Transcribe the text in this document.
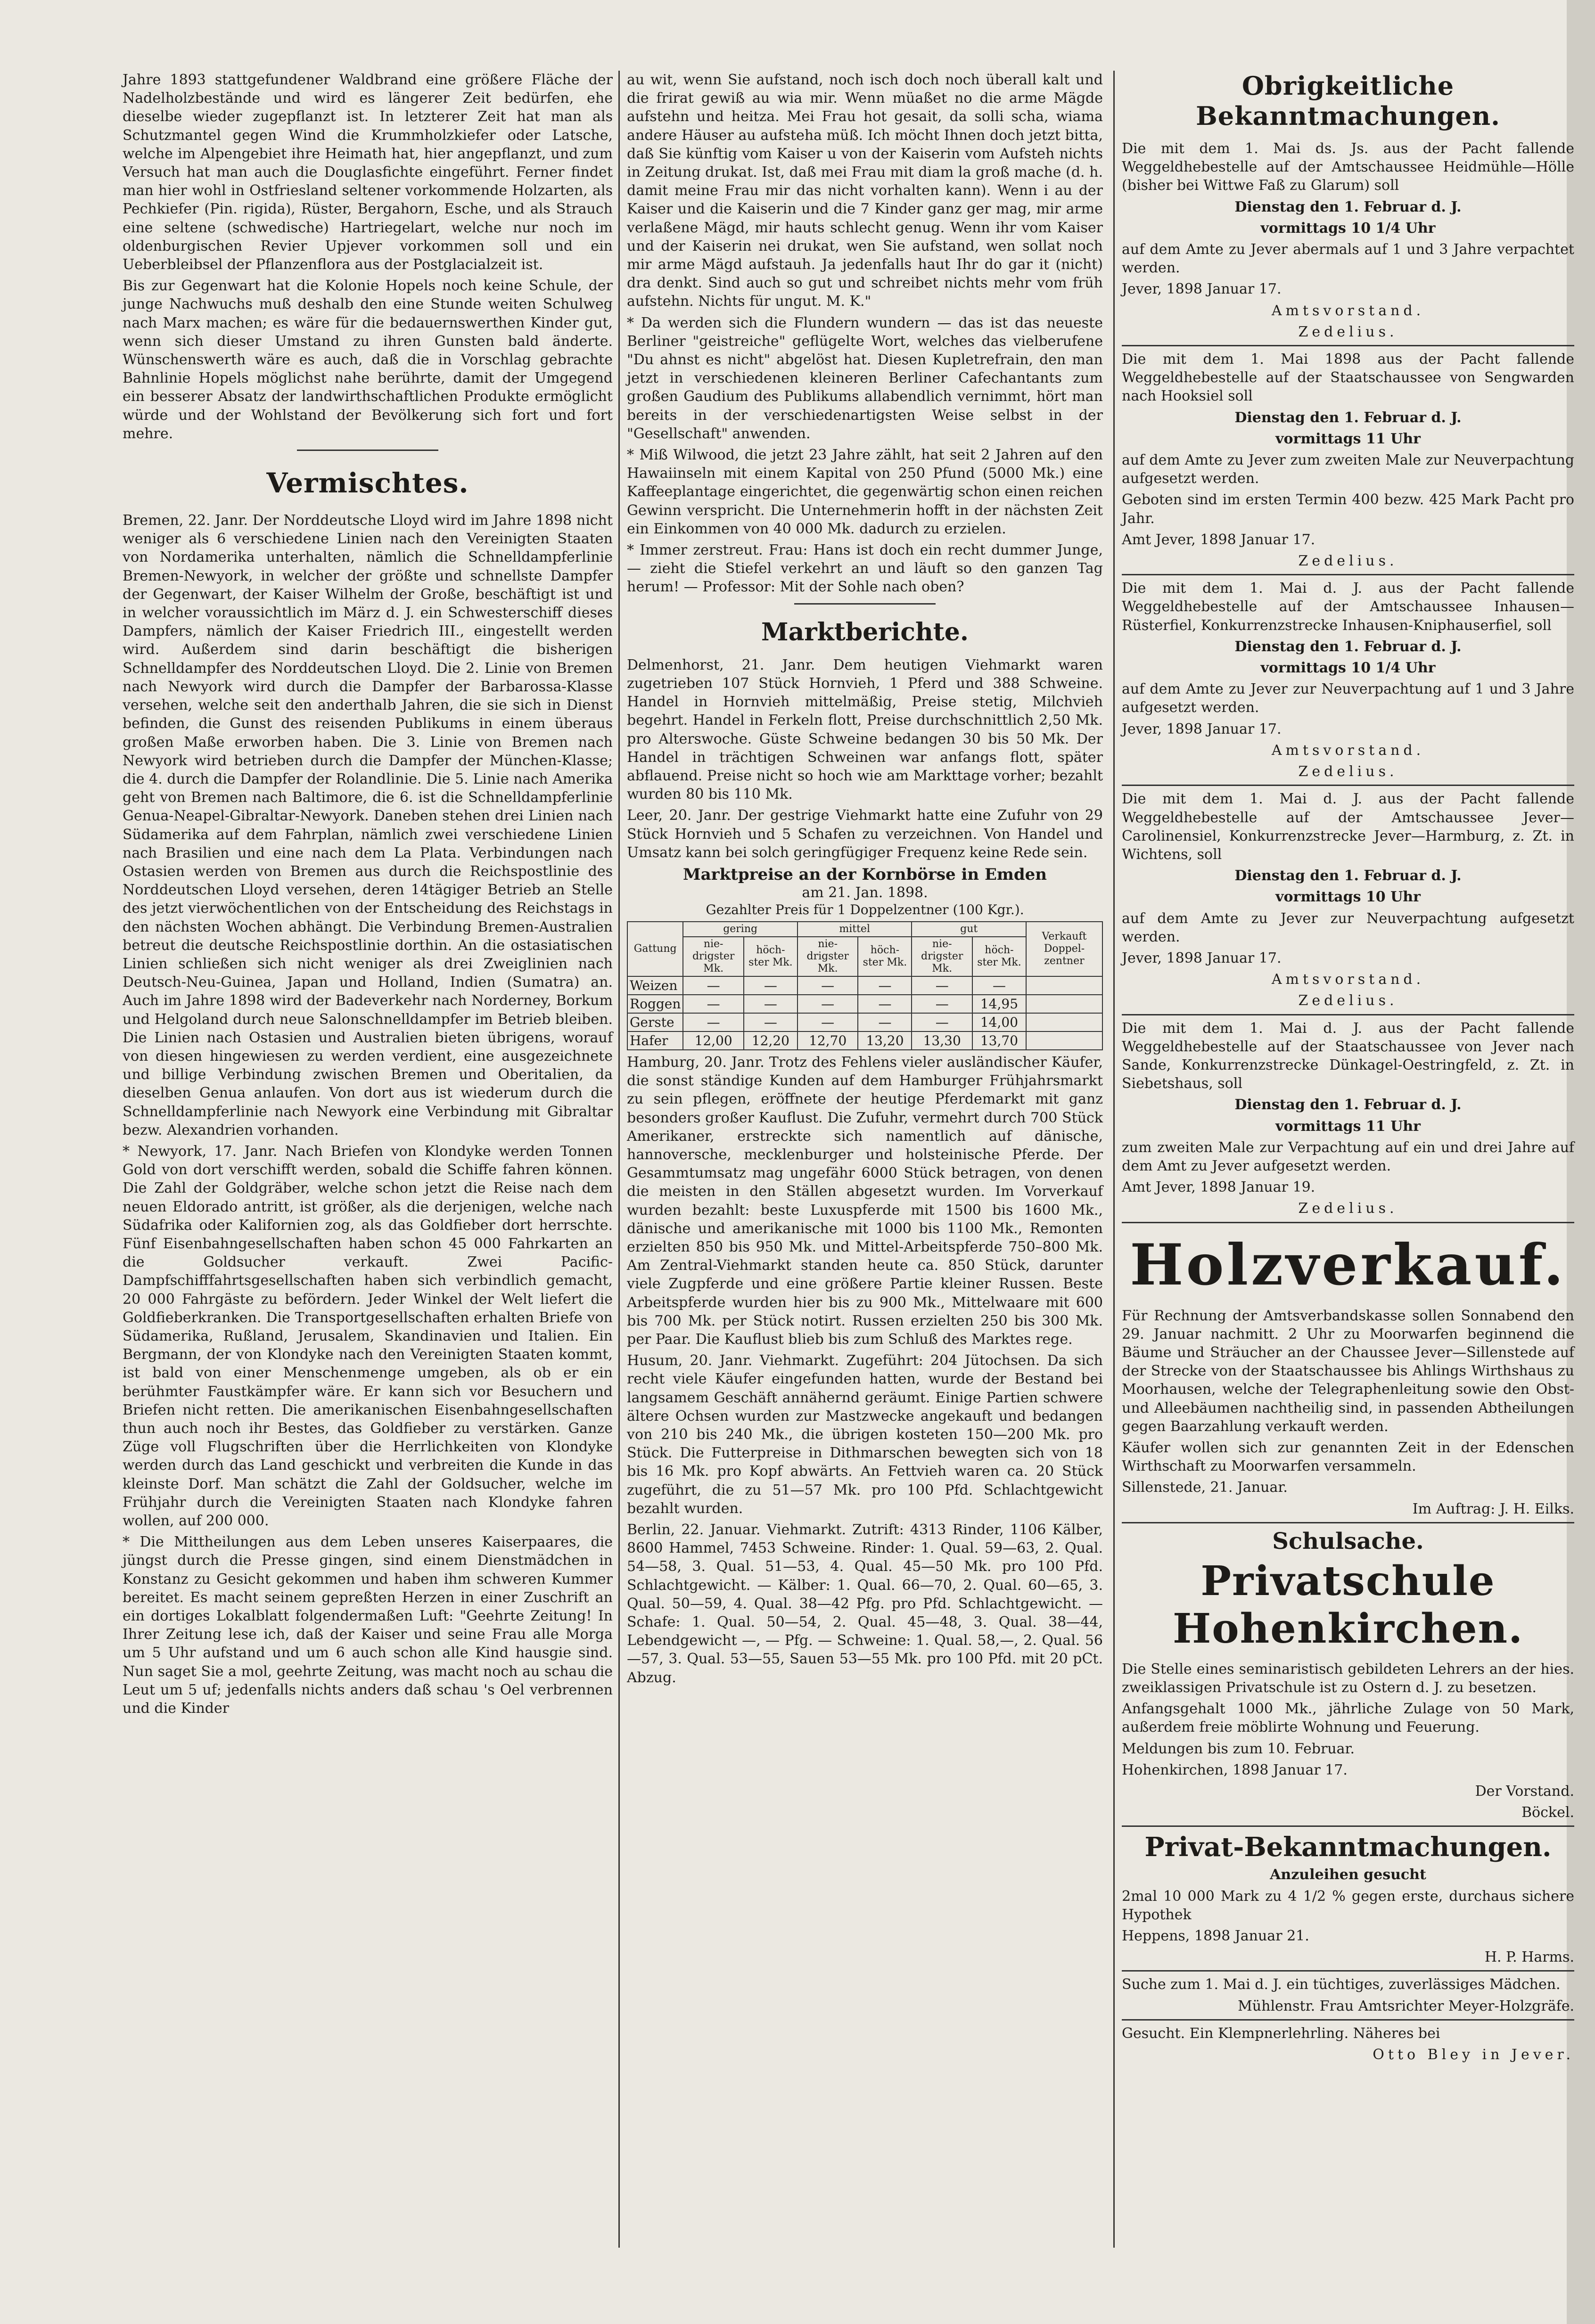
Jahre 1893 stattgefundener Waldbrand eine größere Fläche der Nadelholzbestände und wird es längerer Zeit bedürfen, ehe dieselbe wieder zugepflanzt ist. In letzterer Zeit hat man als Schutzmantel gegen Wind die Krummholzkiefer oder Latsche, welche im Alpengebiet ihre Heimath hat, hier angepflanzt, und zum Versuch hat man auch die Douglasfichte eingeführt. Ferner findet man hier wohl in Ostfriesland seltener vorkommende Holzarten, als Pechkiefer (Pin. rigida), Rüster, Bergahorn, Esche, und als Strauch eine seltene (schwedische) Hartriegelart, welche nur noch im oldenburgischen Revier Upjever vorkommen soll und ein Ueberbleibsel der Pflanzenflora aus der Postglacialzeit ist.

Bis zur Gegenwart hat die Kolonie Hopels noch keine Schule, der junge Nachwuchs muß deshalb den eine Stunde weiten Schulweg nach Marx machen; es wäre für die bedauernswerthen Kinder gut, wenn sich dieser Umstand zu ihren Gunsten bald änderte. Wünschenswerth wäre es auch, daß die in Vorschlag gebrachte Bahnlinie Hopels möglichst nahe berührte, damit der Umgegend ein besserer Absatz der landwirthschaftlichen Produkte ermöglicht würde und der Wohlstand der Bevölkerung sich fort und fort mehre.

Vermischtes.

Bremen, 22. Janr. Der Norddeutsche Lloyd wird im Jahre 1898 nicht weniger als 6 verschiedene Linien nach den Vereinigten Staaten von Nordamerika unterhalten, nämlich die Schnelldampferlinie Bremen-Newyork, in welcher der größte und schnellste Dampfer der Gegenwart, der Kaiser Wilhelm der Große, beschäftigt ist und in welcher voraussichtlich im März d. J. ein Schwesterschiff dieses Dampfers, nämlich der Kaiser Friedrich III., eingestellt werden wird. Außerdem sind darin beschäftigt die bisherigen Schnelldampfer des Norddeutschen Lloyd. Die 2. Linie von Bremen nach Newyork wird durch die Dampfer der Barbarossa-Klasse versehen, welche seit den anderthalb Jahren, die sie sich in Dienst befinden, die Gunst des reisenden Publikums in einem überaus großen Maße erworben haben. Die 3. Linie von Bremen nach Newyork wird betrieben durch die Dampfer der München-Klasse; die 4. durch die Dampfer der Rolandlinie. Die 5. Linie nach Amerika geht von Bremen nach Baltimore, die 6. ist die Schnelldampferlinie Genua-Neapel-Gibraltar-Newyork. Daneben stehen drei Linien nach Südamerika auf dem Fahrplan, nämlich zwei verschiedene Linien nach Brasilien und eine nach dem La Plata. Verbindungen nach Ostasien werden von Bremen aus durch die Reichspostlinie des Norddeutschen Lloyd versehen, deren 14tägiger Betrieb an Stelle des jetzt vierwöchentlichen von der Entscheidung des Reichstags in den nächsten Wochen abhängt. Die Verbindung Bremen-Australien betreut die deutsche Reichspostlinie dorthin. An die ostasiatischen Linien schließen sich nicht weniger als drei Zweiglinien nach Deutsch-Neu-Guinea, Japan und Holland, Indien (Sumatra) an. Auch im Jahre 1898 wird der Badeverkehr nach Norderney, Borkum und Helgoland durch neue Salonschnelldampfer im Betrieb bleiben. Die Linien nach Ostasien und Australien bieten übrigens, worauf von diesen hingewiesen zu werden verdient, eine ausgezeichnete und billige Verbindung zwischen Bremen und Oberitalien, da dieselben Genua anlaufen. Von dort aus ist wiederum durch die Schnelldampferlinie nach Newyork eine Verbindung mit Gibraltar bezw. Alexandrien vorhanden.

* Newyork, 17. Janr. Nach Briefen von Klondyke werden Tonnen Gold von dort verschifft werden, sobald die Schiffe fahren können. Die Zahl der Goldgräber, welche schon jetzt die Reise nach dem neuen Eldorado antritt, ist größer, als die derjenigen, welche nach Südafrika oder Kalifornien zog, als das Goldfieber dort herrschte. Fünf Eisenbahngesellschaften haben schon 45 000 Fahrkarten an die Goldsucher verkauft. Zwei Pacific-Dampfschifffahrtsgesellschaften haben sich verbindlich gemacht, 20 000 Fahrgäste zu befördern. Jeder Winkel der Welt liefert die Goldfieberkranken. Die Transportgesellschaften erhalten Briefe von Südamerika, Rußland, Jerusalem, Skandinavien und Italien. Ein Bergmann, der von Klondyke nach den Vereinigten Staaten kommt, ist bald von einer Menschenmenge umgeben, als ob er ein berühmter Faustkämpfer wäre. Er kann sich vor Besuchern und Briefen nicht retten. Die amerikanischen Eisenbahngesellschaften thun auch noch ihr Bestes, das Goldfieber zu verstärken. Ganze Züge voll Flugschriften über die Herrlichkeiten von Klondyke werden durch das Land geschickt und verbreiten die Kunde in das kleinste Dorf. Man schätzt die Zahl der Goldsucher, welche im Frühjahr durch die Vereinigten Staaten nach Klondyke fahren wollen, auf 200 000.

* Die Mittheilungen aus dem Leben unseres Kaiserpaares, die jüngst durch die Presse gingen, sind einem Dienstmädchen in Konstanz zu Gesicht gekommen und haben ihm schweren Kummer bereitet. Es macht seinem gepreßten Herzen in einer Zuschrift an ein dortiges Lokalblatt folgendermaßen Luft: "Geehrte Zeitung! In Ihrer Zeitung lese ich, daß der Kaiser und seine Frau alle Morga um 5 Uhr aufstand und um 6 auch schon alle Kind hausgie sind. Nun saget Sie a mol, geehrte Zeitung, was macht noch au schau die Leut um 5 uf; jedenfalls nichts anders daß schau 's Oel verbrennen und die Kinder

au wit, wenn Sie aufstand, noch isch doch noch überall kalt und die frirat gewiß au wia mir. Wenn müaßet no die arme Mägde aufstehn und heitza. Mei Frau hot gesait, da solli scha, wiama andere Häuser au aufsteha müß. Ich möcht Ihnen doch jetzt bitta, daß Sie künftig vom Kaiser u von der Kaiserin vom Aufsteh nichts in Zeitung drukat. Ist, daß mei Frau mit diam la groß mache (d. h. damit meine Frau mir das nicht vorhalten kann). Wenn i au der Kaiser und die Kaiserin und die 7 Kinder ganz ger mag, mir arme verlaßene Mägd, mir hauts schlecht genug. Wenn ihr vom Kaiser und der Kaiserin nei drukat, wen Sie aufstand, wen sollat noch mir arme Mägd aufstauh. Ja jedenfalls haut Ihr do gar it (nicht) dra denkt. Sind auch so gut und schreibet nichts mehr vom früh aufstehn. Nichts für ungut. M. K."

* Da werden sich die Flundern wundern — das ist das neueste Berliner "geistreiche" geflügelte Wort, welches das vielberufene "Du ahnst es nicht" abgelöst hat. Diesen Kupletrefrain, den man jetzt in verschiedenen kleineren Berliner Cafechantants zum großen Gaudium des Publikums allabendlich vernimmt, hört man bereits in der verschiedenartigsten Weise selbst in der "Gesellschaft" anwenden.

* Miß Wilwood, die jetzt 23 Jahre zählt, hat seit 2 Jahren auf den Hawaiinseln mit einem Kapital von 250 Pfund (5000 Mk.) eine Kaffeeplantage eingerichtet, die gegenwärtig schon einen reichen Gewinn verspricht. Die Unternehmerin hofft in der nächsten Zeit ein Einkommen von 40 000 Mk. dadurch zu erzielen.

* Immer zerstreut. Frau: Hans ist doch ein recht dummer Junge, — zieht die Stiefel verkehrt an und läuft so den ganzen Tag herum! — Professor: Mit der Sohle nach oben?

Marktberichte.

Delmenhorst, 21. Janr. Dem heutigen Viehmarkt waren zugetrieben 107 Stück Hornvieh, 1 Pferd und 388 Schweine. Handel in Hornvieh mittelmäßig, Preise stetig, Milchvieh begehrt. Handel in Ferkeln flott, Preise durchschnittlich 2,50 Mk. pro Alterswoche. Güste Schweine bedangen 30 bis 50 Mk. Der Handel in trächtigen Schweinen war anfangs flott, später abflauend. Preise nicht so hoch wie am Markttage vorher; bezahlt wurden 80 bis 110 Mk.

Leer, 20. Janr. Der gestrige Viehmarkt hatte eine Zufuhr von 29 Stück Hornvieh und 5 Schafen zu verzeichnen. Von Handel und Umsatz kann bei solch geringfügiger Frequenz keine Rede sein.

Marktpreise an der Kornbörse in Emden
am 21. Jan. 1898.
Gezahlter Preis für 1 Doppelzentner (100 Kgr.).
Gattung	gering		mittel		gut		Verkauft Doppel-zentner
	nie-drigster Mk.	höch-ster Mk.	nie-drigster Mk.	höch-ster Mk.	nie-drigster Mk.	höch-ster Mk.	
Weizen	—	—	—	—	—	—	
Roggen	—	—	—	—	—	14,95	
Gerste	—	—	—	—	—	14,00	
Hafer	12,00	12,20	12,70	13,20	13,30	13,70	

Hamburg, 20. Janr. Trotz des Fehlens vieler ausländischer Käufer, die sonst ständige Kunden auf dem Hamburger Frühjahrsmarkt zu sein pflegen, eröffnete der heutige Pferdemarkt mit ganz besonders großer Kauflust. Die Zufuhr, vermehrt durch 700 Stück Amerikaner, erstreckte sich namentlich auf dänische, hannoversche, mecklenburger und holsteinische Pferde. Der Gesammtumsatz mag ungefähr 6000 Stück betragen, von denen die meisten in den Ställen abgesetzt wurden. Im Vorverkauf wurden bezahlt: beste Luxuspferde mit 1500 bis 1600 Mk., dänische und amerikanische mit 1000 bis 1100 Mk., Remonten erzielten 850 bis 950 Mk. und Mittel-Arbeitspferde 750–800 Mk. Am Zentral-Viehmarkt standen heute ca. 850 Stück, darunter viele Zugpferde und eine größere Partie kleiner Russen. Beste Arbeitspferde wurden hier bis zu 900 Mk., Mittelwaare mit 600 bis 700 Mk. per Stück notirt. Russen erzielten 250 bis 300 Mk. per Paar. Die Kauflust blieb bis zum Schluß des Marktes rege.

Husum, 20. Janr. Viehmarkt. Zugeführt: 204 Jütochsen. Da sich recht viele Käufer eingefunden hatten, wurde der Bestand bei langsamem Geschäft annähernd geräumt. Einige Partien schwere ältere Ochsen wurden zur Mastzwecke angekauft und bedangen von 210 bis 240 Mk., die übrigen kosteten 150—200 Mk. pro Stück. Die Futterpreise in Dithmarschen bewegten sich von 18 bis 16 Mk. pro Kopf abwärts. An Fettvieh waren ca. 20 Stück zugeführt, die zu 51—57 Mk. pro 100 Pfd. Schlachtgewicht bezahlt wurden.

Berlin, 22. Januar. Viehmarkt. Zutrift: 4313 Rinder, 1106 Kälber, 8600 Hammel, 7453 Schweine. Rinder: 1. Qual. 59—63, 2. Qual. 54—58, 3. Qual. 51—53, 4. Qual. 45—50 Mk. pro 100 Pfd. Schlachtgewicht. — Kälber: 1. Qual. 66—70, 2. Qual. 60—65, 3. Qual. 50—59, 4. Qual. 38—42 Pfg. pro Pfd. Schlachtgewicht. — Schafe: 1. Qual. 50—54, 2. Qual. 45—48, 3. Qual. 38—44, Lebendgewicht —, — Pfg. — Schweine: 1. Qual. 58,—, 2. Qual. 56—57, 3. Qual. 53—55, Sauen 53—55 Mk. pro 100 Pfd. mit 20 pCt. Abzug.

Obrigkeitliche Bekanntmachungen.

Die mit dem 1. Mai ds. Js. aus der Pacht fallende Weggeldhebestelle auf der Amtschaussee Heidmühle—Hölle (bisher bei Wittwe Faß zu Glarum) soll

Dienstag den 1. Februar d. J.

vormittags 10 1/4 Uhr

auf dem Amte zu Jever abermals auf 1 und 3 Jahre verpachtet werden.

Jever, 1898 Januar 17.

Amtsvorstand.

Zedelius.

Die mit dem 1. Mai 1898 aus der Pacht fallende Weggeldhebestelle auf der Staatschaussee von Sengwarden nach Hooksiel soll

Dienstag den 1. Februar d. J.

vormittags 11 Uhr

auf dem Amte zu Jever zum zweiten Male zur Neuverpachtung aufgesetzt werden.

Geboten sind im ersten Termin 400 bezw. 425 Mark Pacht pro Jahr.

Amt Jever, 1898 Januar 17.

Zedelius.

Die mit dem 1. Mai d. J. aus der Pacht fallende Weggeldhebestelle auf der Amtschaussee Inhausen—Rüsterfiel, Konkurrenzstrecke Inhausen-Kniphauserfiel, soll

Dienstag den 1. Februar d. J.

vormittags 10 1/4 Uhr

auf dem Amte zu Jever zur Neuverpachtung auf 1 und 3 Jahre aufgesetzt werden.

Jever, 1898 Januar 17.

Amtsvorstand.

Zedelius.

Die mit dem 1. Mai d. J. aus der Pacht fallende Weggeldhebestelle auf der Amtschaussee Jever—Carolinensiel, Konkurrenzstrecke Jever—Harmburg, z. Zt. in Wichtens, soll

Dienstag den 1. Februar d. J.

vormittags 10 Uhr

auf dem Amte zu Jever zur Neuverpachtung aufgesetzt werden.

Jever, 1898 Januar 17.

Amtsvorstand.

Zedelius.

Die mit dem 1. Mai d. J. aus der Pacht fallende Weggeldhebestelle auf der Staatschaussee von Jever nach Sande, Konkurrenzstrecke Dünkagel-Oestringfeld, z. Zt. in Siebetshaus, soll

Dienstag den 1. Februar d. J.

vormittags 11 Uhr

zum zweiten Male zur Verpachtung auf ein und drei Jahre auf dem Amt zu Jever aufgesetzt werden.

Amt Jever, 1898 Januar 19.

Zedelius.

Holzverkauf.

Für Rechnung der Amtsverbandskasse sollen Sonnabend den 29. Januar nachmitt. 2 Uhr zu Moorwarfen beginnend die Bäume und Sträucher an der Chaussee Jever—Sillenstede auf der Strecke von der Staatschaussee bis Ahlings Wirthshaus zu Moorhausen, welche der Telegraphenleitung sowie den Obst- und Alleebäumen nachtheilig sind, in passenden Abtheilungen gegen Baarzahlung verkauft werden.

Käufer wollen sich zur genannten Zeit in der Edenschen Wirthschaft zu Moorwarfen versammeln.

Sillenstede, 21. Januar.

Im Auftrag: J. H. Eilks.

Schulsache.
Privatschule Hohenkirchen.

Die Stelle eines seminaristisch gebildeten Lehrers an der hies. zweiklassigen Privatschule ist zu Ostern d. J. zu besetzen.

Anfangsgehalt 1000 Mk., jährliche Zulage von 50 Mark, außerdem freie möblirte Wohnung und Feuerung.

Meldungen bis zum 10. Februar.

Hohenkirchen, 1898 Januar 17.

Der Vorstand.

Böckel.

Privat-Bekanntmachungen.

Anzuleihen gesucht

2mal 10 000 Mark zu 4 1/2 % gegen erste, durchaus sichere Hypothek

Heppens, 1898 Januar 21.

H. P. Harms.

Suche zum 1. Mai d. J. ein tüchtiges, zuverlässiges Mädchen.

Mühlenstr. Frau Amtsrichter Meyer-Holzgräfe.

Gesucht. Ein Klempnerlehrling. Näheres bei

Otto Bley in Jever.
